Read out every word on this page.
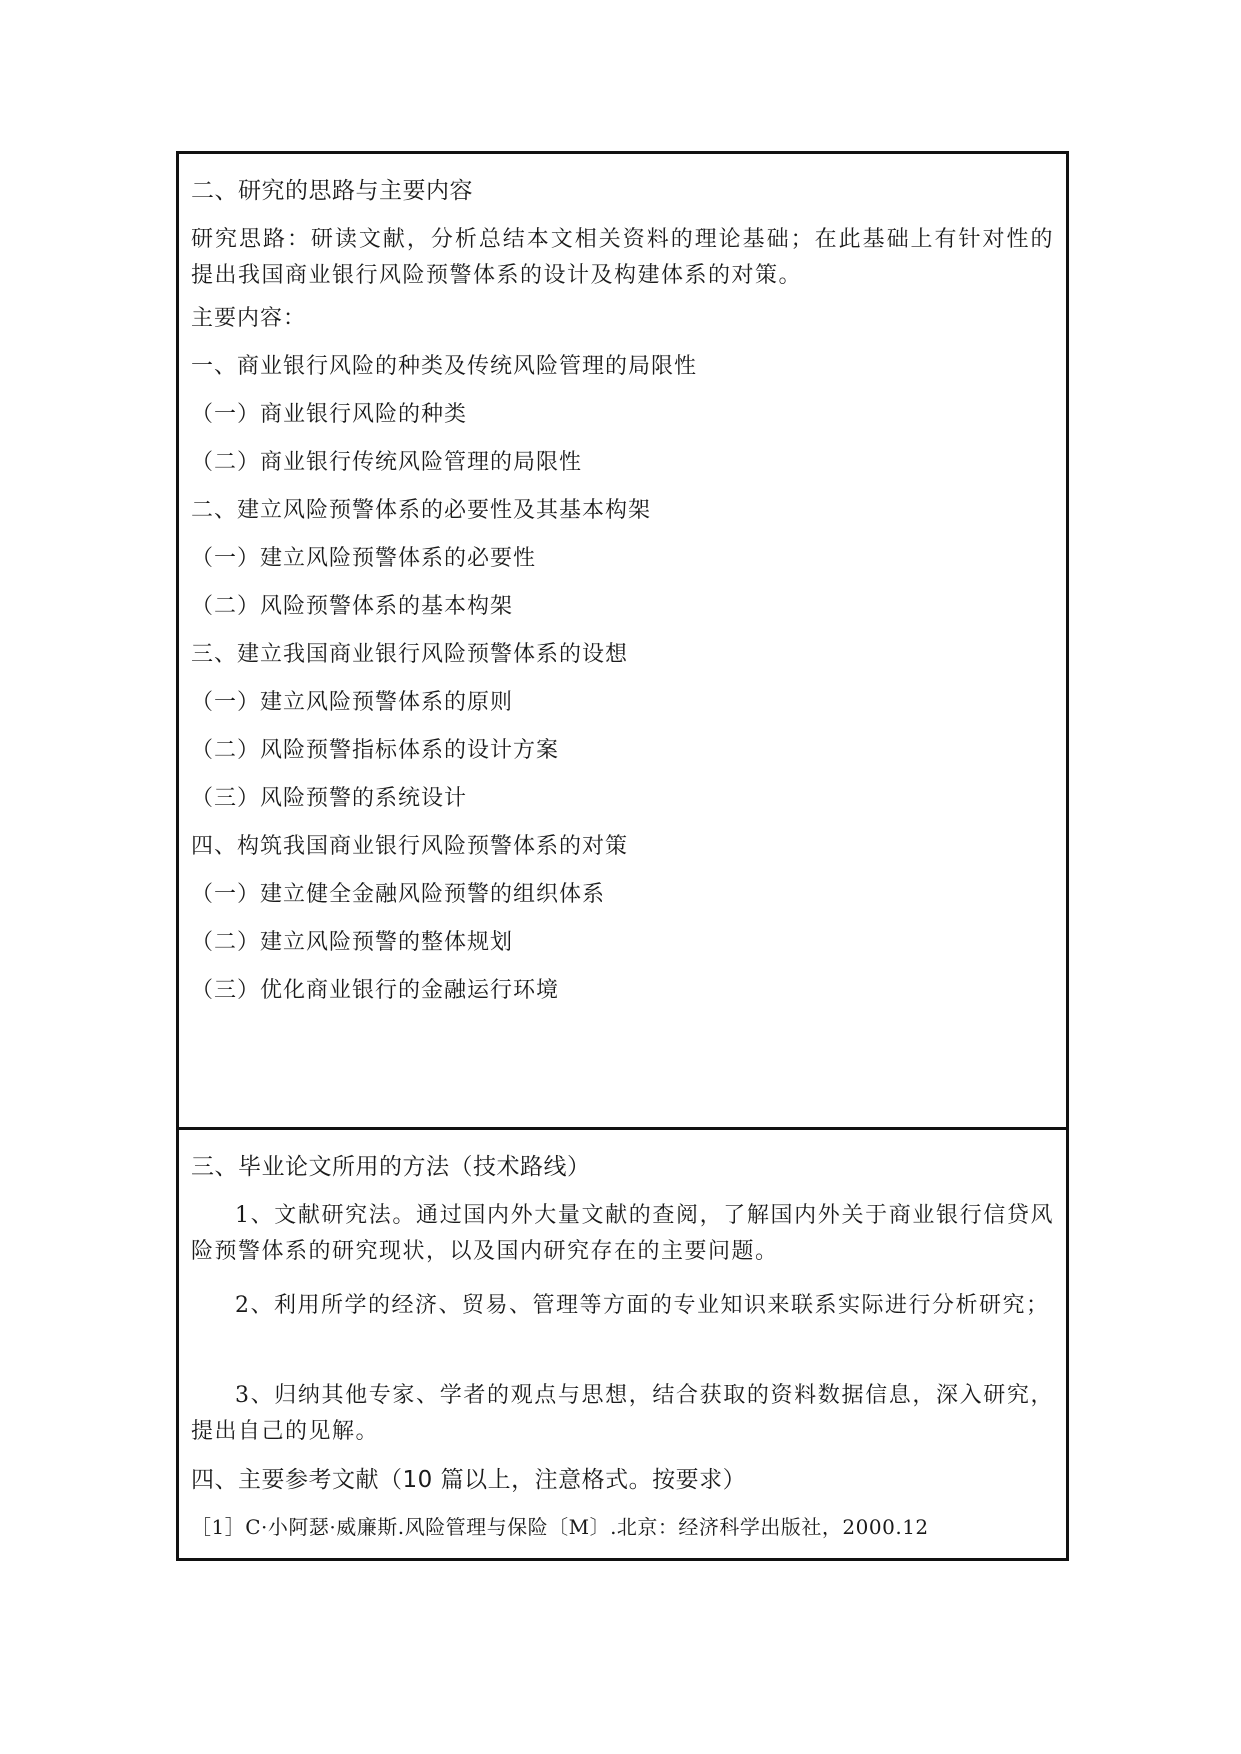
二、研究的思路与主要内容
研究思路：研读文献，分析总结本文相关资料的理论基础；在此基础上有针对性的提出我国商业银行风险预警体系的设计及构建体系的对策。
主要内容：
一、商业银行风险的种类及传统风险管理的局限性
（一）商业银行风险的种类
（二）商业银行传统风险管理的局限性
二、建立风险预警体系的必要性及其基本构架
（一）建立风险预警体系的必要性
（二）风险预警体系的基本构架
三、建立我国商业银行风险预警体系的设想
（一）建立风险预警体系的原则
（二）风险预警指标体系的设计方案
（三）风险预警的系统设计
四、构筑我国商业银行风险预警体系的对策
（一）建立健全金融风险预警的组织体系
（二）建立风险预警的整体规划
（三）优化商业银行的金融运行环境
三、毕业论文所用的方法（技术路线）
1、文献研究法。通过国内外大量文献的查阅，了解国内外关于商业银行信贷风险预警体系的研究现状，以及国内研究存在的主要问题。
2、利用所学的经济、贸易、管理等方面的专业知识来联系实际进行分析研究；
3、归纳其他专家、学者的观点与思想，结合获取的资料数据信息，深入研究，提出自己的见解。
四、主要参考文献（10 篇以上，注意格式。按要求）
［1］C·小阿瑟·威廉斯.风险管理与保险〔M〕.北京：经济科学出版社，2000.12
